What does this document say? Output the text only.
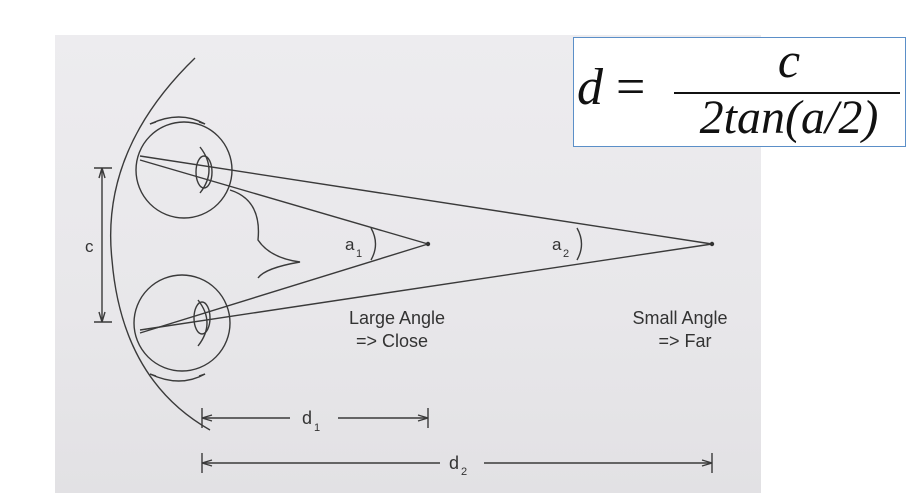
c	a 1	a 2
d 1
d 2
Large Angle
=> Close
Small Angle
=> Far
d =	c
2tan(a/2)
